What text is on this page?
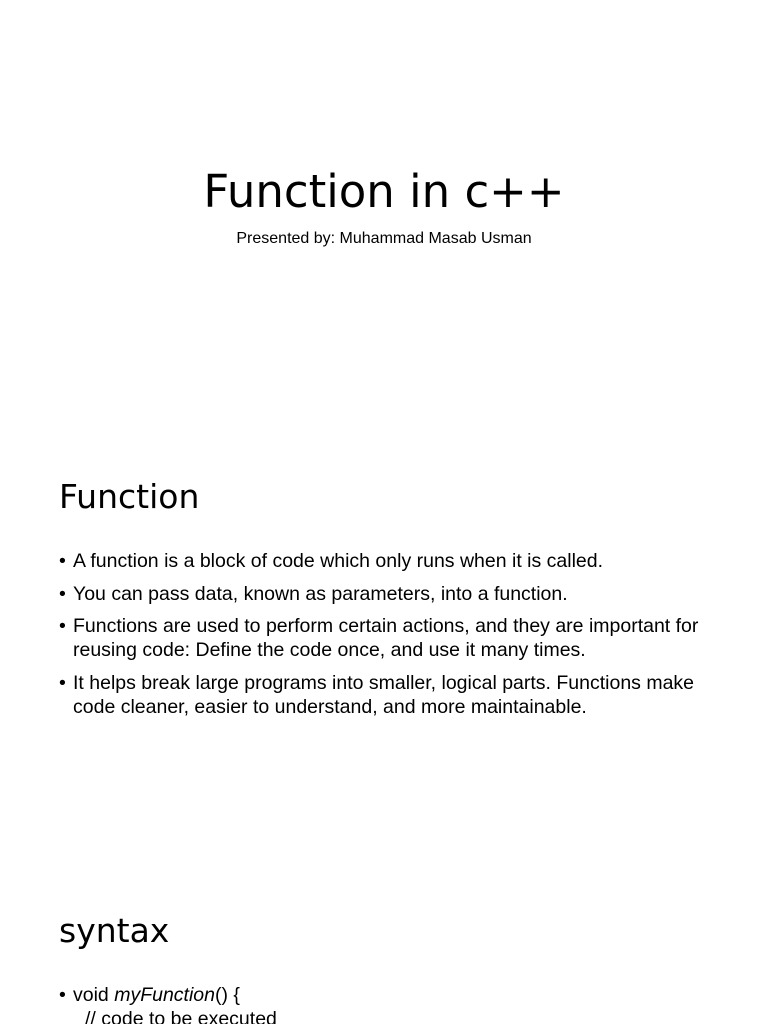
Function in c++

Presented by: Muhammad Masab Usman

Function
• A function is a block of code which only runs when it is called.
• You can pass data, known as parameters, into a function.
• Functions are used to perform certain actions, and they are important for reusing code: Define the code once, and use it many times.
• It helps break large programs into smaller, logical parts. Functions make code cleaner, easier to understand, and more maintainable.
syntax
• void myFunction() {
// code to be executed
